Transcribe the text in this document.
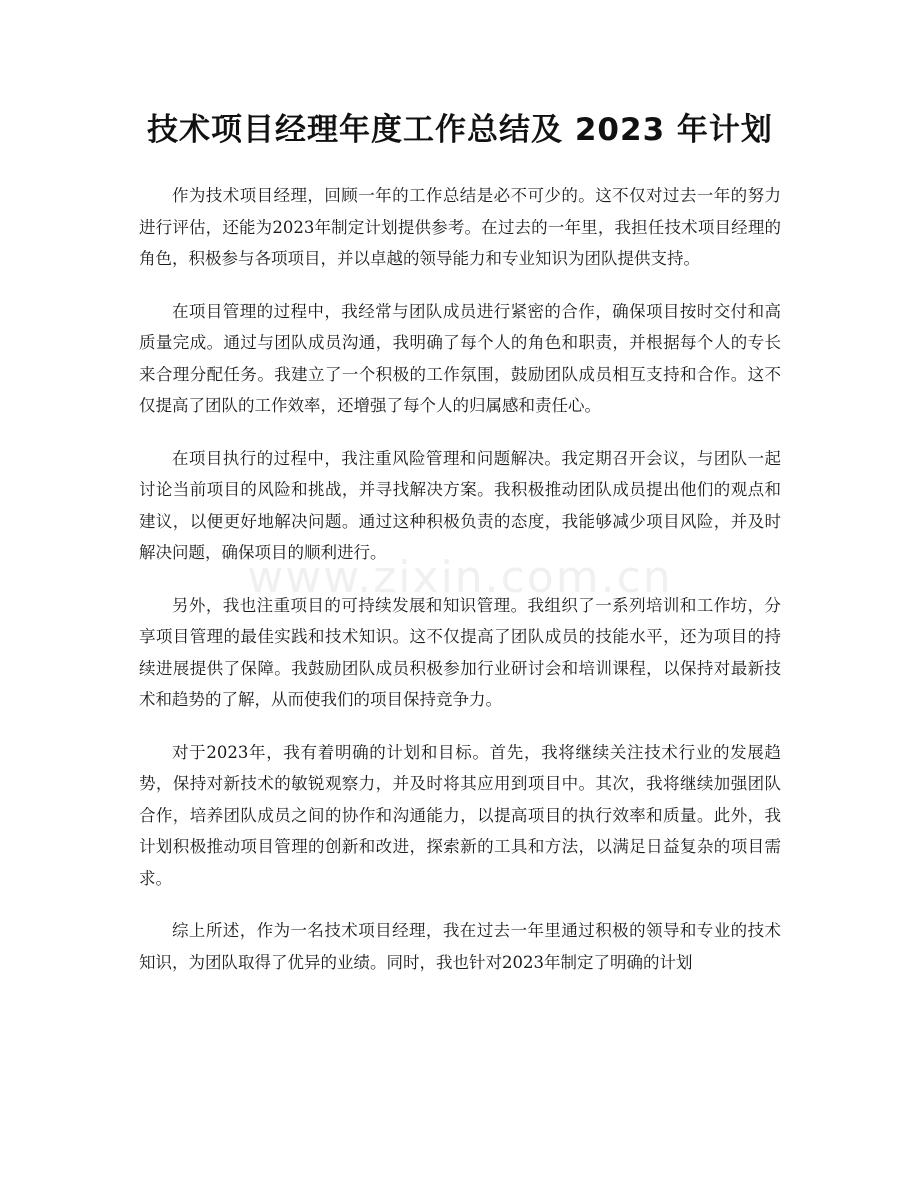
技术项目经理年度工作总结及 2023 年计划

作为技术项目经理，回顾一年的工作总结是必不可少的。这不仅对过去一年的努力进行评估，还能为2023年制定计划提供参考。在过去的一年里，我担任技术项目经理的角色，积极参与各项项目，并以卓越的领导能力和专业知识为团队提供支持。

在项目管理的过程中，我经常与团队成员进行紧密的合作，确保项目按时交付和高质量完成。通过与团队成员沟通，我明确了每个人的角色和职责，并根据每个人的专长来合理分配任务。我建立了一个积极的工作氛围，鼓励团队成员相互支持和合作。这不仅提高了团队的工作效率，还增强了每个人的归属感和责任心。

在项目执行的过程中，我注重风险管理和问题解决。我定期召开会议，与团队一起讨论当前项目的风险和挑战，并寻找解决方案。我积极推动团队成员提出他们的观点和建议，以便更好地解决问题。通过这种积极负责的态度，我能够减少项目风险，并及时解决问题，确保项目的顺利进行。

另外，我也注重项目的可持续发展和知识管理。我组织了一系列培训和工作坊，分享项目管理的最佳实践和技术知识。这不仅提高了团队成员的技能水平，还为项目的持续进展提供了保障。我鼓励团队成员积极参加行业研讨会和培训课程，以保持对最新技术和趋势的了解，从而使我们的项目保持竞争力。

对于2023年，我有着明确的计划和目标。首先，我将继续关注技术行业的发展趋势，保持对新技术的敏锐观察力，并及时将其应用到项目中。其次，我将继续加强团队合作，培养团队成员之间的协作和沟通能力，以提高项目的执行效率和质量。此外，我计划积极推动项目管理的创新和改进，探索新的工具和方法，以满足日益复杂的项目需求。

综上所述，作为一名技术项目经理，我在过去一年里通过积极的领导和专业的技术知识，为团队取得了优异的业绩。同时，我也针对2023年制定了明确的计划

www.zixin.com.cn
